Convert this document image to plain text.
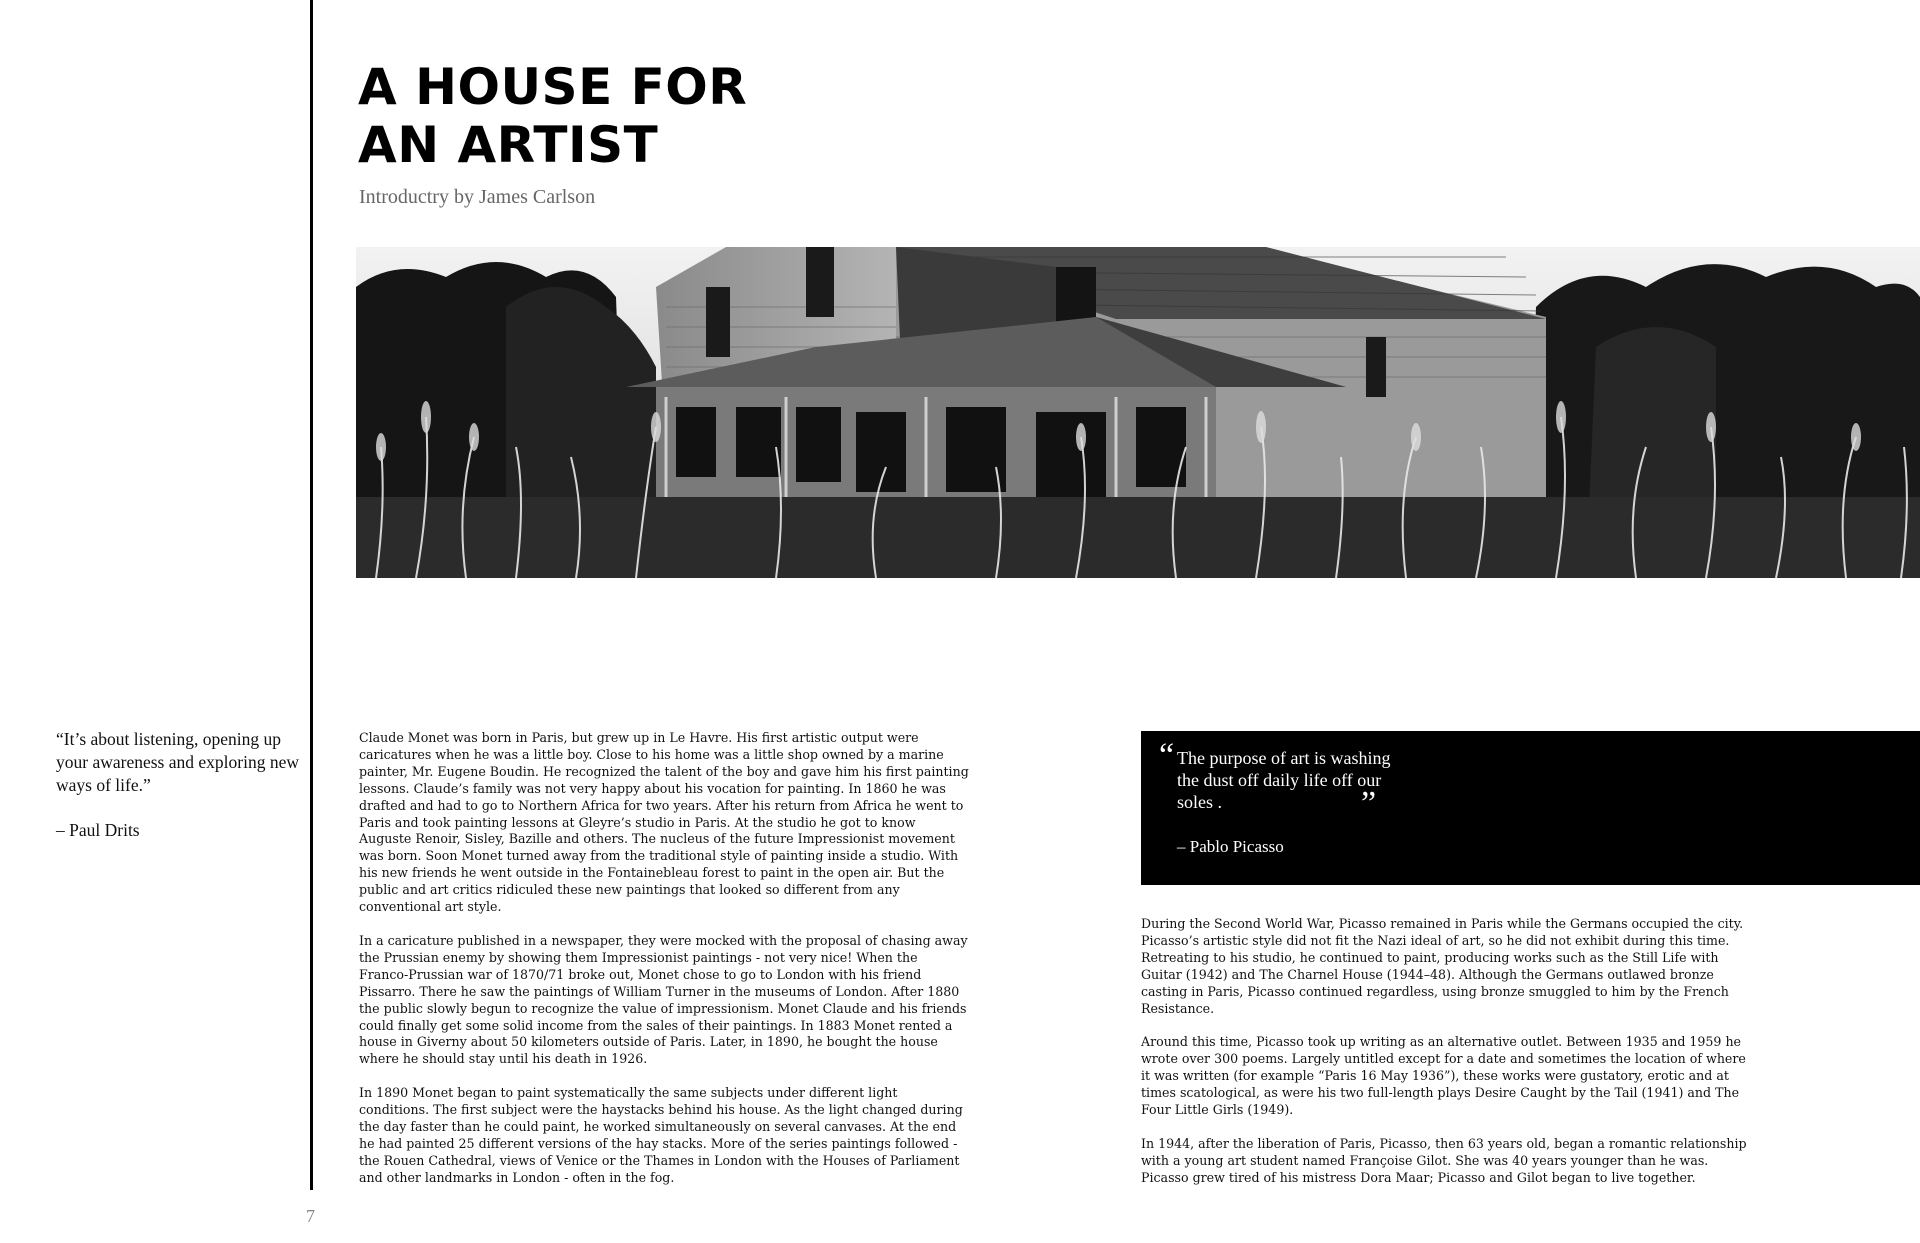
7
A HOUSE FOR
AN ARTIST
Introductry by James Carlson

“It’s about listening, opening up your awareness and exploring new ways of life.”

– Paul Drits

Claude Monet was born in Paris, but grew up in Le Havre. His first artistic output were caricatures when he was a little boy. Close to his home was a little shop owned by a marine painter, Mr. Eugene Boudin. He recognized the talent of the boy and gave him his first painting lessons. Claude’s family was not very happy about his vocation for painting. In 1860 he was drafted and had to go to Northern Africa for two years. After his return from Africa he went to Paris and took painting lessons at Gleyre’s studio in Paris. At the studio he got to know Auguste Renoir, Sisley, Bazille and others. The nucleus of the future Impressionist movement was born. Soon Monet turned away from the traditional style of painting inside a studio. With his new friends he went outside in the Fontainebleau forest to paint in the open air. But the public and art critics ridiculed these new paintings that looked so different from any conventional art style.

In a caricature published in a newspaper, they were mocked with the proposal of chasing away the Prussian enemy by showing them Impressionist paintings - not very nice! When the Franco-Prussian war of 1870/71 broke out, Monet chose to go to London with his friend Pissarro. There he saw the paintings of William Turner in the museums of London. After 1880 the public slowly begun to recognize the value of impressionism. Monet Claude and his friends could finally get some solid income from the sales of their paintings. In 1883 Monet rented a house in Giverny about 50 kilometers outside of Paris. Later, in 1890, he bought the house where he should stay until his death in 1926.

In 1890 Monet began to paint systematically the same subjects under different light conditions. The first subject were the haystacks behind his house. As the light changed during the day faster than he could paint, he worked simultaneously on several canvases. At the end he had painted 25 different versions of the hay stacks. More of the series paintings followed - the Rouen Cathedral, views of Venice or the Thames in London with the Houses of Parliament and other landmarks in London - often in the fog.

“ The purpose of art is washing the dust off daily life off our soles .	”
– Pablo Picasso

During the Second World War, Picasso remained in Paris while the Germans occupied the city. Picasso’s artistic style did not fit the Nazi ideal of art, so he did not exhibit during this time. Retreating to his studio, he continued to paint, producing works such as the Still Life with Guitar (1942) and The Charnel House (1944–48). Although the Germans outlawed bronze casting in Paris, Picasso continued regardless, using bronze smuggled to him by the French Resistance.

Around this time, Picasso took up writing as an alternative outlet. Between 1935 and 1959 he wrote over 300 poems. Largely untitled except for a date and sometimes the location of where it was written (for example “Paris 16 May 1936”), these works were gustatory, erotic and at times scatological, as were his two full-length plays Desire Caught by the Tail (1941) and The Four Little Girls (1949).

In 1944, after the liberation of Paris, Picasso, then 63 years old, began a romantic relationship with a young art student named Françoise Gilot. She was 40 years younger than he was. Picasso grew tired of his mistress Dora Maar; Picasso and Gilot began to live together.
